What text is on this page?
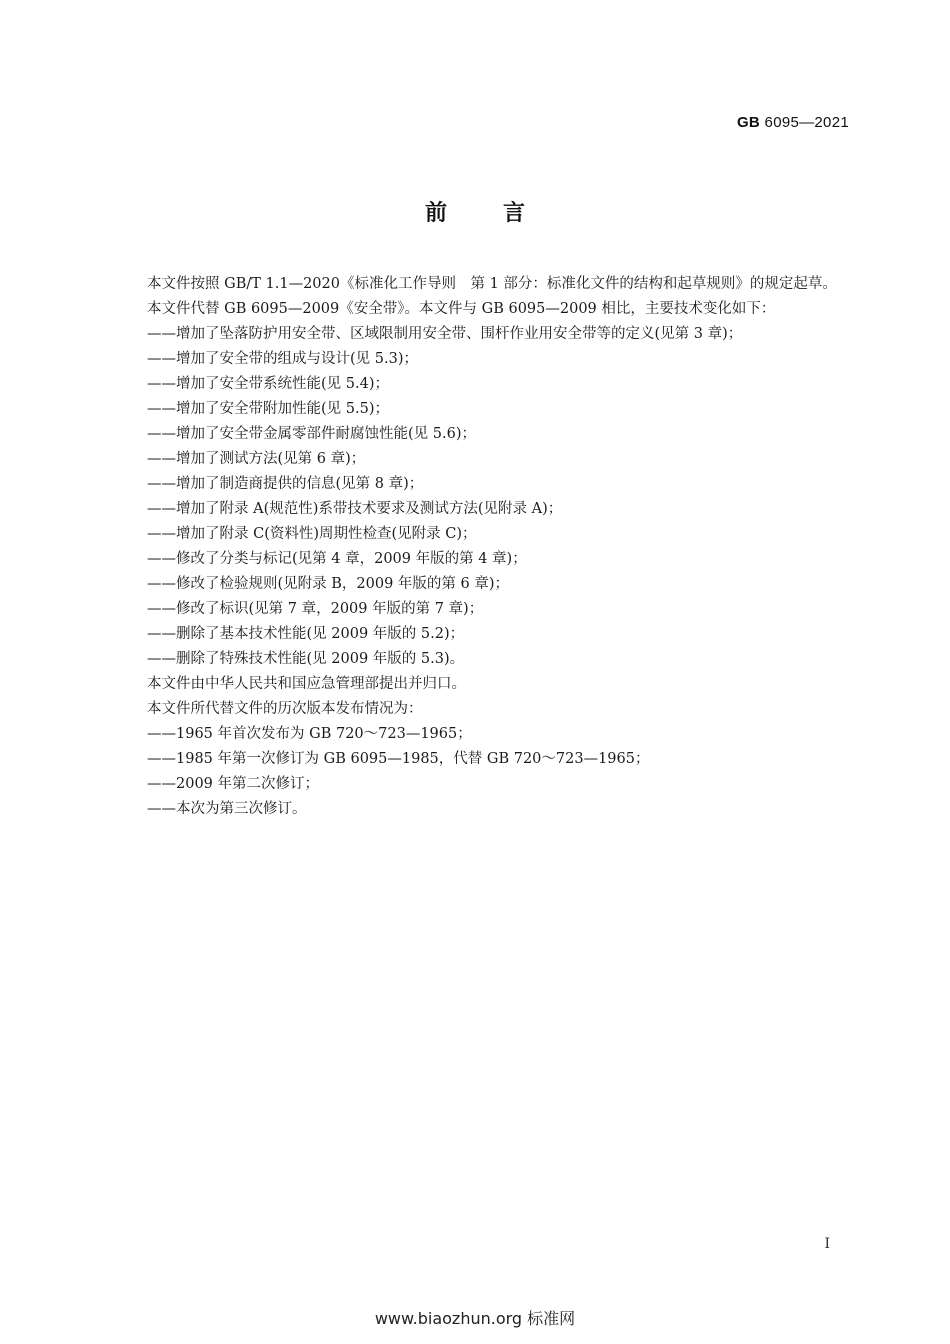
GB 6095—2021
前言

本文件按照 GB/T 1.1—2020《标准化工作导则　第 1 部分：标准化文件的结构和起草规则》的规定起草。

本文件代替 GB 6095—2009《安全带》。本文件与 GB 6095—2009 相比，主要技术变化如下：

——增加了坠落防护用安全带、区域限制用安全带、围杆作业用安全带等的定义(见第 3 章)；

——增加了安全带的组成与设计(见 5.3)；

——增加了安全带系统性能(见 5.4)；

——增加了安全带附加性能(见 5.5)；

——增加了安全带金属零部件耐腐蚀性能(见 5.6)；

——增加了测试方法(见第 6 章)；

——增加了制造商提供的信息(见第 8 章)；

——增加了附录 A(规范性)系带技术要求及测试方法(见附录 A)；

——增加了附录 C(资料性)周期性检查(见附录 C)；

——修改了分类与标记(见第 4 章，2009 年版的第 4 章)；

——修改了检验规则(见附录 B，2009 年版的第 6 章)；

——修改了标识(见第 7 章，2009 年版的第 7 章)；

——删除了基本技术性能(见 2009 年版的 5.2)；

——删除了特殊技术性能(见 2009 年版的 5.3)。

本文件由中华人民共和国应急管理部提出并归口。

本文件所代替文件的历次版本发布情况为：

——1965 年首次发布为 GB 720～723—1965；

——1985 年第一次修订为 GB 6095—1985，代替 GB 720～723—1965；

——2009 年第二次修订；

——本次为第三次修订。

I
www.biaozhun.org 标准网
